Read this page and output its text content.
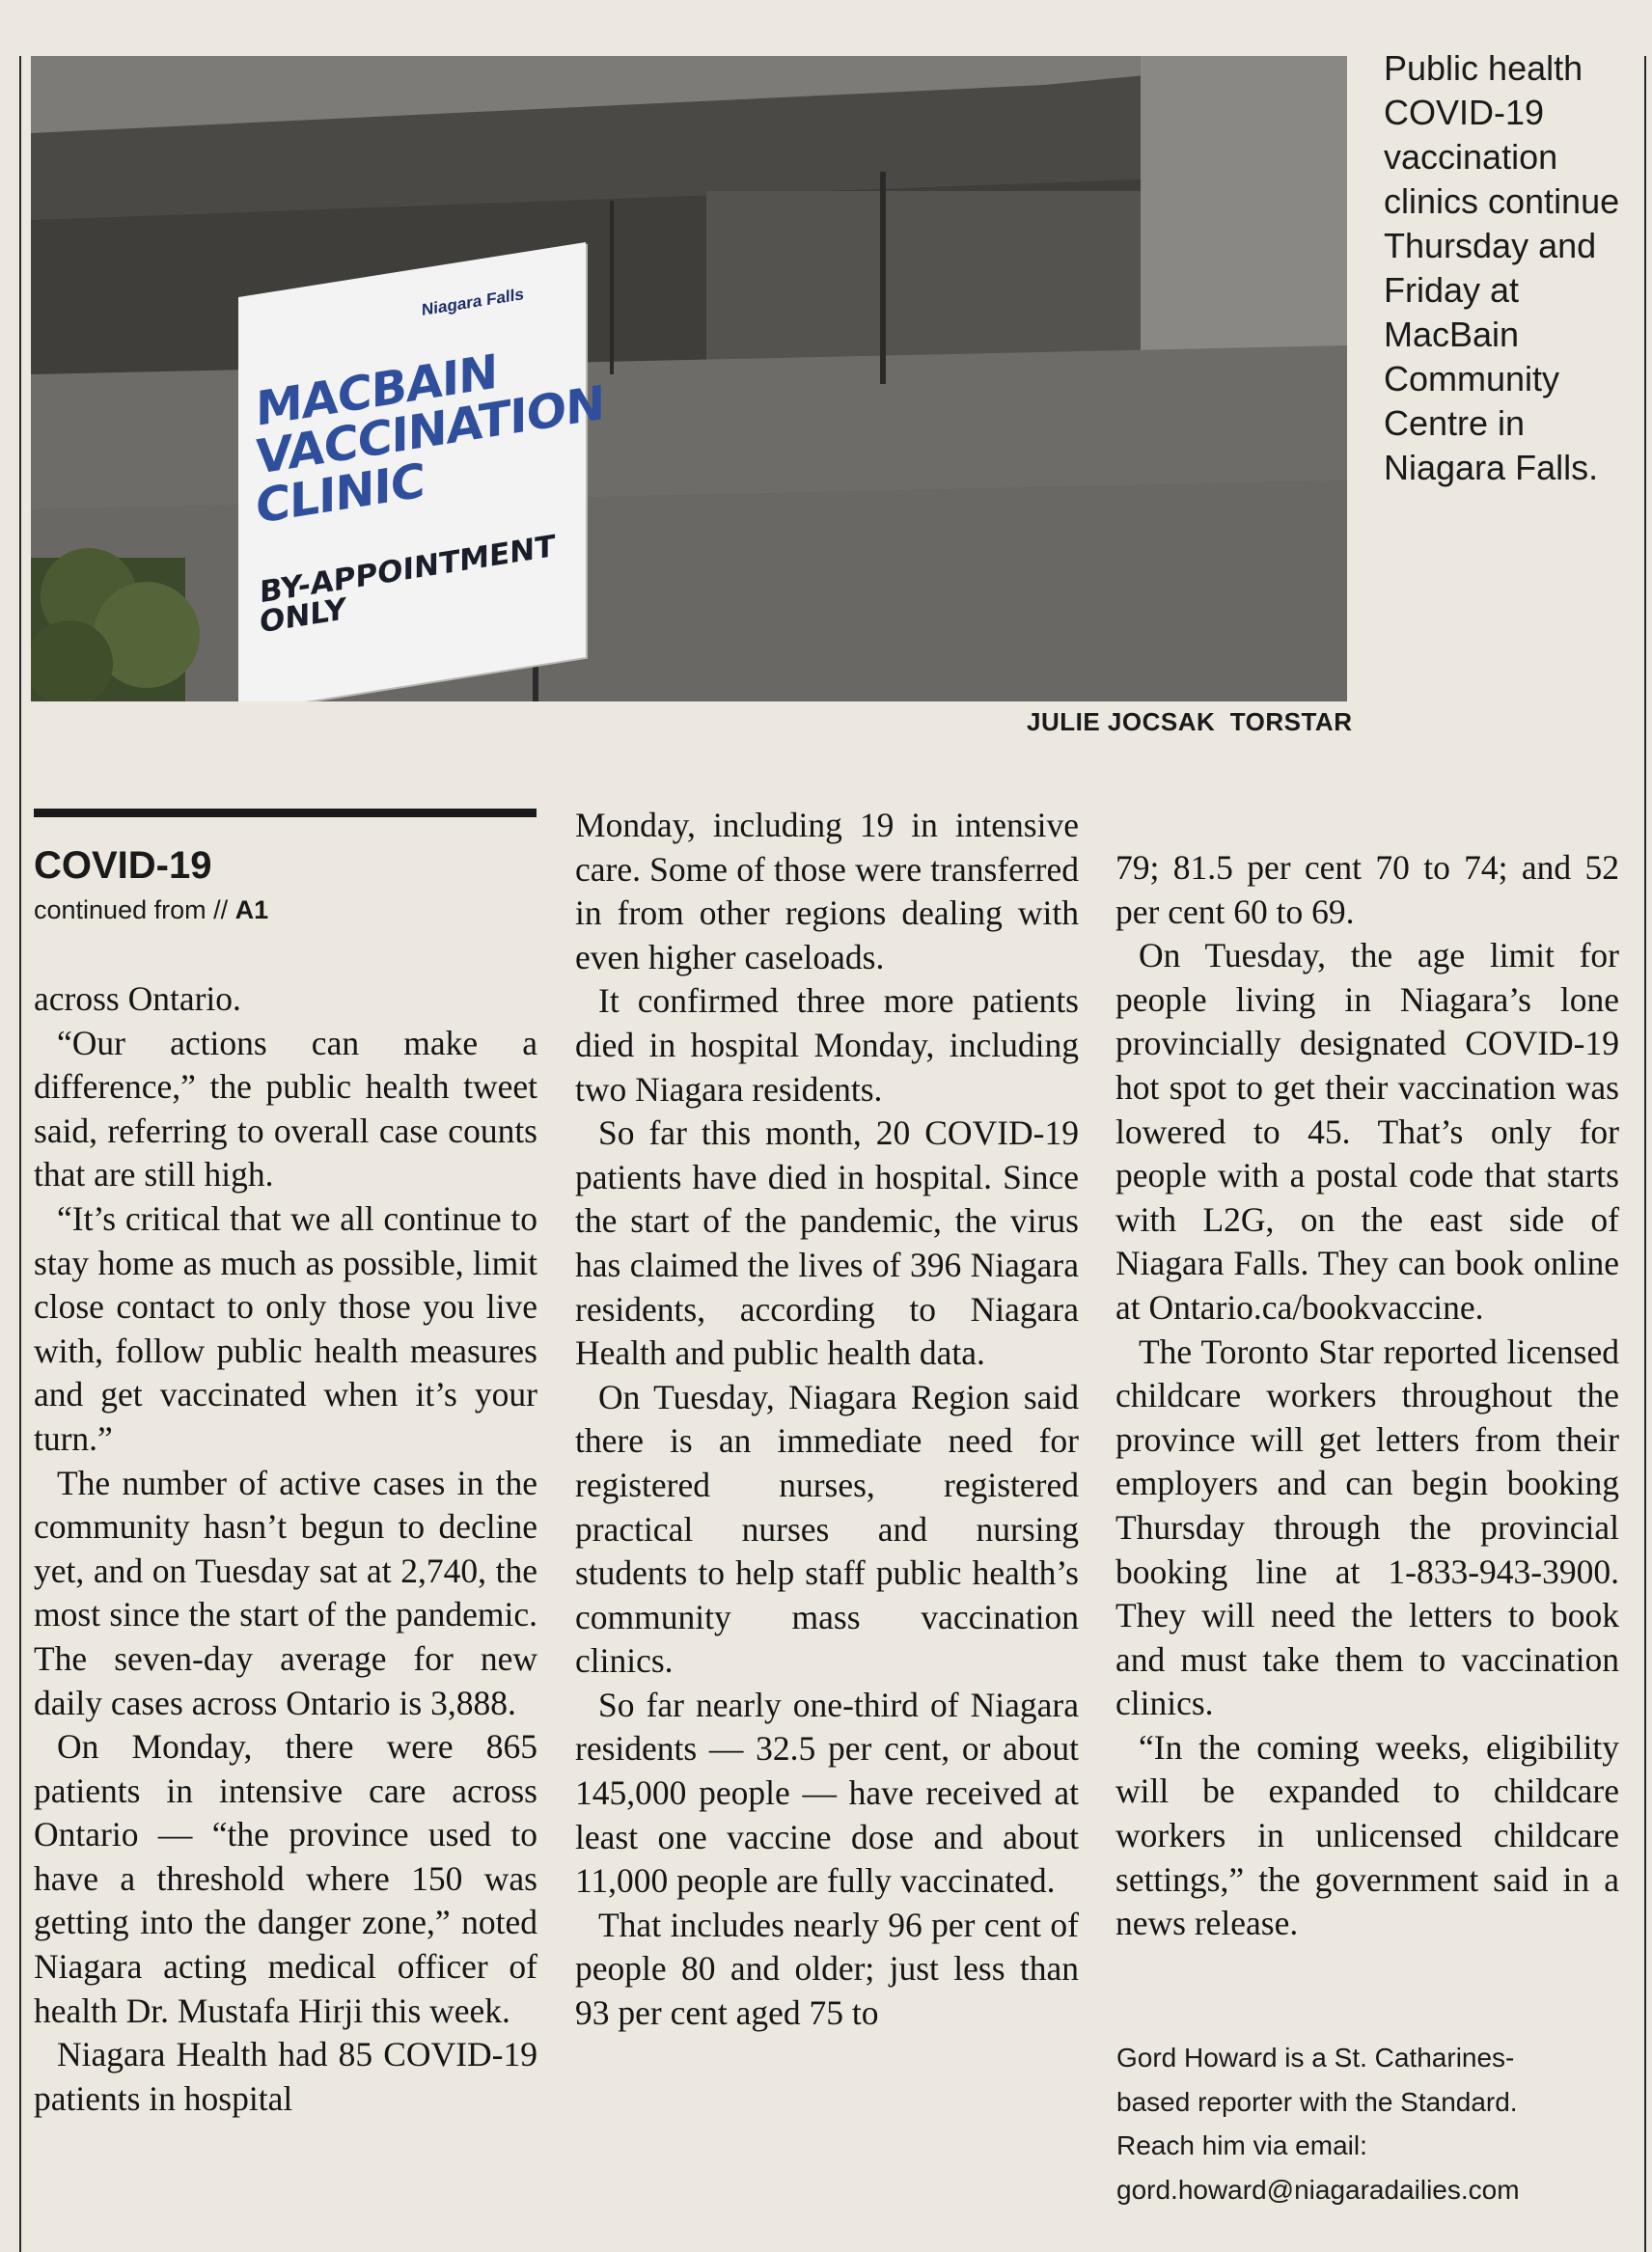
Niagara Falls
MACBAIN
VACCINATION
CLINIC
BY-APPOINTMENT
ONLY
Public health COVID-19 vaccination clinics continue Thursday and Friday at MacBain Community Centre in Niagara Falls.
JULIE JOCSAK  TORSTAR
COVID-19
continued from // A1

across Ontario.

“Our actions can make a difference,” the public health tweet said, referring to overall case counts that are still high.

“It’s critical that we all continue to stay home as much as possible, limit close contact to only those you live with, follow public health measures and get vaccinated when it’s your turn.”

The number of active cases in the community hasn’t begun to decline yet, and on Tuesday sat at 2,740, the most since the start of the pandemic. The seven-day average for new daily cases across Ontario is 3,888.

On Monday, there were 865 patients in intensive care across Ontario — “the province used to have a threshold where 150 was getting into the danger zone,” noted Niagara acting medical officer of health Dr. Mustafa Hirji this week.

Niagara Health had 85 COVID-19 patients in hospital

Monday, including 19 in intensive care. Some of those were transferred in from other regions dealing with even higher caseloads.

It confirmed three more patients died in hospital Monday, including two Niagara residents.

So far this month, 20 COVID-19 patients have died in hospital. Since the start of the pandemic, the virus has claimed the lives of 396 Niagara residents, according to Niagara Health and public health data.

On Tuesday, Niagara Region said there is an immediate need for registered nurses, registered practical nurses and nursing students to help staff public health’s community mass vaccination clinics.

So far nearly one-third of Niagara residents — 32.5 per cent, or about 145,000 people — have received at least one vaccine dose and about 11,000 people are fully vaccinated.

That includes nearly 96 per cent of people 80 and older; just less than 93 per cent aged 75 to

79; 81.5 per cent 70 to 74; and 52 per cent 60 to 69.

On Tuesday, the age limit for people living in Niagara’s lone provincially designated COVID-19 hot spot to get their vaccination was lowered to 45. That’s only for people with a postal code that starts with L2G, on the east side of Niagara Falls. They can book online at Ontario.ca/bookvaccine.

The Toronto Star reported licensed childcare workers throughout the province will get letters from their employers and can begin booking Thursday through the provincial booking line at 1-833-943-3900. They will need the letters to book and must take them to vaccination clinics.

“In the coming weeks, eligibility will be expanded to childcare workers in unlicensed childcare settings,” the government said in a news release.

Gord Howard is a St. Catharines-
based reporter with the Standard.
Reach him via email:
gord.howard@niagaradailies.com
